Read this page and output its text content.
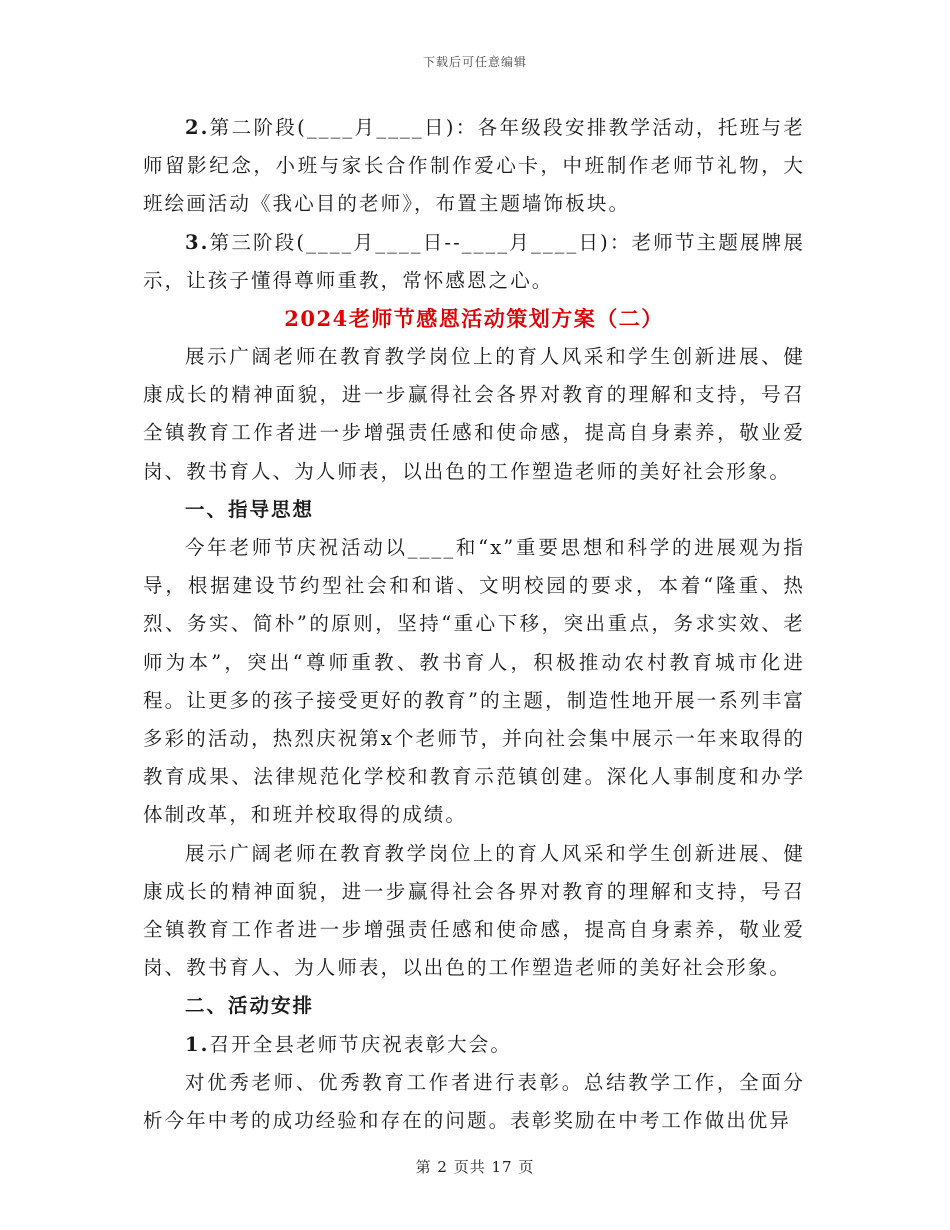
下载后可任意编辑

2.第二阶段(____月____日)：各年级段安排教学活动，托班与老师留影纪念，小班与家长合作制作爱心卡，中班制作老师节礼物，大班绘画活动《我心目的老师》，布置主题墙饰板块。

3.第三阶段(____月____日--____月____日)：老师节主题展牌展示，让孩子懂得尊师重教，常怀感恩之心。

2024老师节感恩活动策划方案（二）

展示广阔老师在教育教学岗位上的育人风采和学生创新进展、健康成长的精神面貌，进一步赢得社会各界对教育的理解和支持，号召全镇教育工作者进一步增强责任感和使命感，提高自身素养，敬业爱岗、教书育人、为人师表，以出色的工作塑造老师的美好社会形象。

一、指导思想

今年老师节庆祝活动以____和“x”重要思想和科学的进展观为指导，根据建设节约型社会和和谐、文明校园的要求，本着“隆重、热烈、务实、简朴”的原则，坚持“重心下移，突出重点，务求实效、老师为本”，突出“尊师重教、教书育人，积极推动农村教育城市化进程。让更多的孩子接受更好的教育”的主题，制造性地开展一系列丰富多彩的活动，热烈庆祝第x个老师节，并向社会集中展示一年来取得的教育成果、法律规范化学校和教育示范镇创建。深化人事制度和办学体制改革，和班并校取得的成绩。

展示广阔老师在教育教学岗位上的育人风采和学生创新进展、健康成长的精神面貌，进一步赢得社会各界对教育的理解和支持，号召全镇教育工作者进一步增强责任感和使命感，提高自身素养，敬业爱岗、教书育人、为人师表，以出色的工作塑造老师的美好社会形象。

二、活动安排

1.召开全县老师节庆祝表彰大会。

对优秀老师、优秀教育工作者进行表彰。总结教学工作，全面分析今年中考的成功经验和存在的问题。表彰奖励在中考工作做出优异

第 2 页共 17 页
